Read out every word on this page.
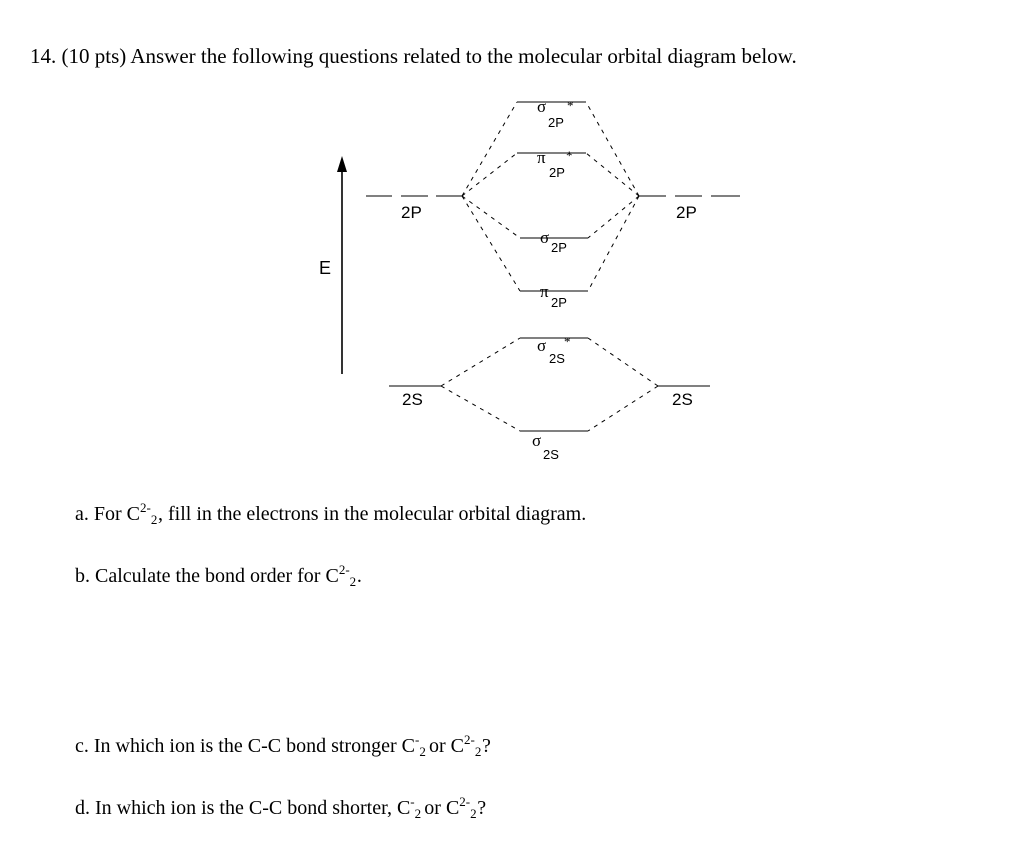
14. (10 pts) Answer the following questions related to the molecular orbital diagram below.
E
2P
2S
2P
2S
σ *
2P
π *
2P
σ
2P
π
2P
σ *
2S
σ
2S
a. For $C^{2-}_2$, fill in the electrons in the molecular orbital diagram.
b. Calculate the bond order for $C^{2-}_2$.
c. In which ion is the C-C bond stronger $C^-_2$ or $C^{2-}_2$?
d. In which ion is the C-C bond shorter, $C^-_2$ or $C^{2-}_2$?
